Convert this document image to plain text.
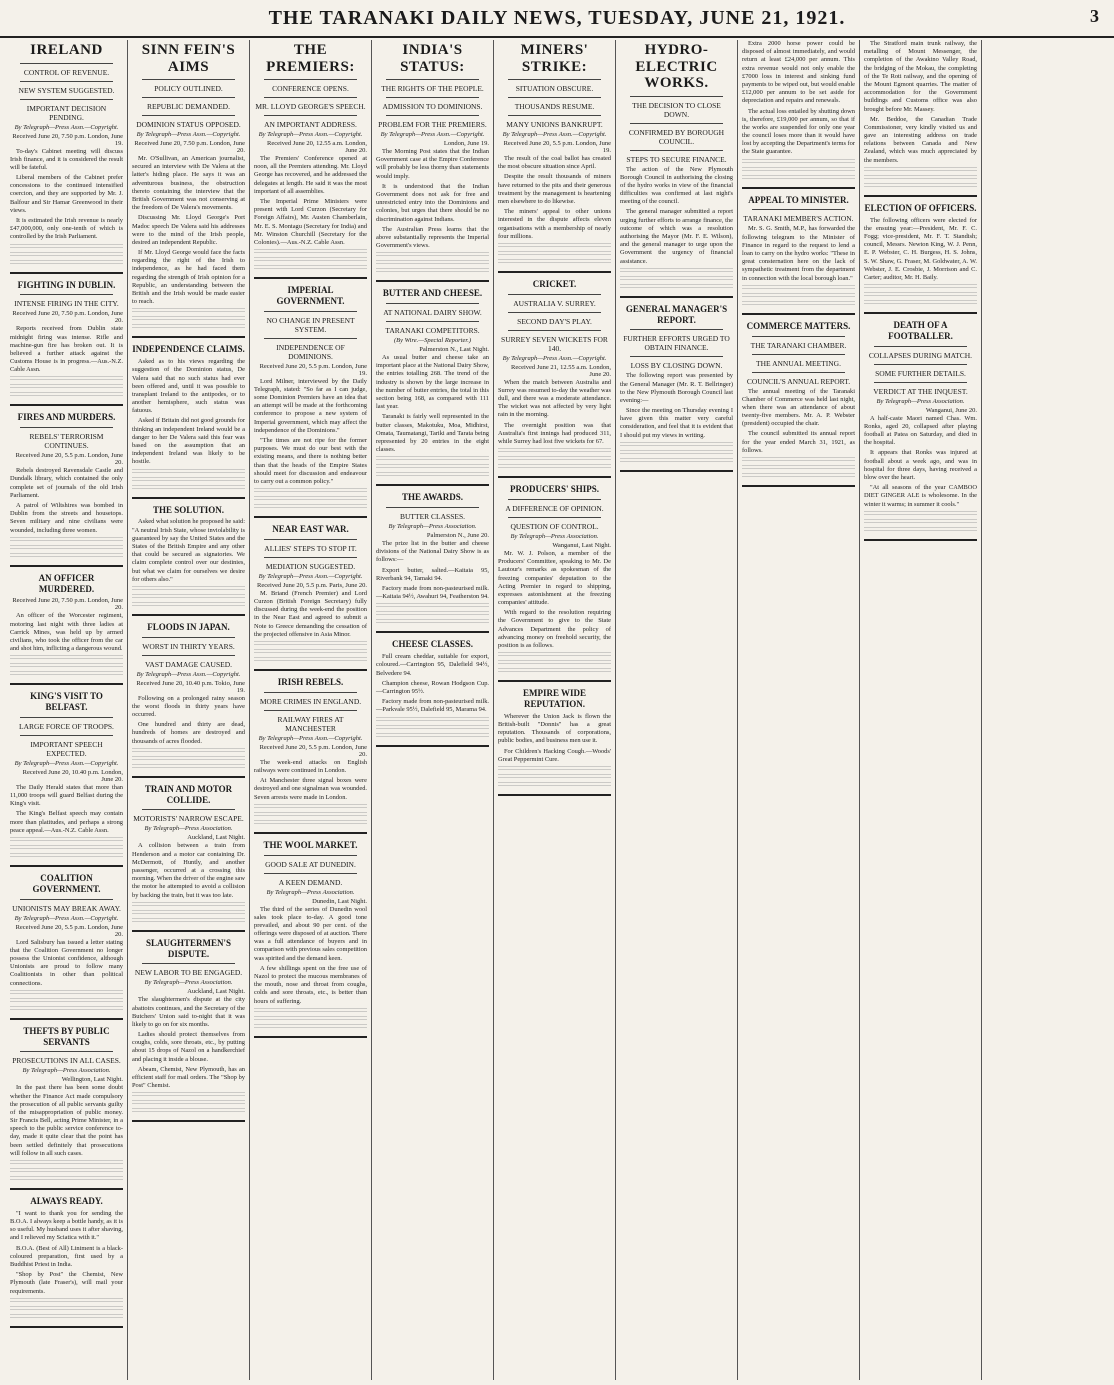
THE TARANAKI DAILY NEWS, TUESDAY, JUNE 21, 1921.	3
IRELAND
CONTROL OF REVENUE.
NEW SYSTEM SUGGESTED.
IMPORTANT DECISION PENDING.
By Telegraph—Press Assn.—Copyright.
Received June 20, 7.50 p.m. London, June 19.

To-day's Cabinet meeting will discuss Irish finance, and it is considered the result will be fateful.

Liberal members of the Cabinet prefer concessions to the continued intensified coercion, and they are supported by Mr. J. Balfour and Sir Hamar Greenwood in their views.

It is estimated the Irish revenue is nearly £47,000,000, only one-tenth of which is controlled by the Irish Parliament.

FIGHTING IN DUBLIN.
INTENSE FIRING IN THE CITY.
Received June 20, 7.50 p.m. London, June 20.

Reports received from Dublin state midnight firing was intense. Rifle and machine-gun fire has broken out. It is believed a further attack against the Customs House is in progress.—Aus.-N.Z. Cable Assn.

FIRES AND MURDERS.
REBELS' TERRORISM CONTINUES.
Received June 20, 5.5 p.m. London, June 20.

Rebels destroyed Ravensdale Castle and Dundalk library, which contained the only complete set of journals of the old Irish Parliament.

A patrol of Wiltshires was bombed in Dublin from the streets and housetops. Seven military and nine civilians were wounded, including three women.

AN OFFICER MURDERED.
Received June 20, 7.50 p.m. London, June 20.

An officer of the Worcester regiment, motoring last night with three ladies at Carrick Mines, was held up by armed civilians, who took the officer from the car and shot him, inflicting a dangerous wound.

KING'S VISIT TO BELFAST.
LARGE FORCE OF TROOPS.
IMPORTANT SPEECH EXPECTED.
By Telegraph—Press Assn.—Copyright.
Received June 20, 10.40 p.m. London, June 20.

The Daily Herald states that more than 11,000 troops will guard Belfast during the King's visit.

The King's Belfast speech may contain more than platitudes, and perhaps a strong peace appeal.—Aus.-N.Z. Cable Assn.

COALITION GOVERNMENT.
UNIONISTS MAY BREAK AWAY.
By Telegraph—Press Assn.—Copyright.
Received June 20, 5.5 p.m. London, June 20.

Lord Salisbury has issued a letter stating that the Coalition Government no longer possess the Unionist confidence, although Unionists are proud to follow many Coalitionists in other than political connections.

THEFTS BY PUBLIC SERVANTS
PROSECUTIONS IN ALL CASES.
By Telegraph—Press Association.
Wellington, Last Night.

In the past there has been some doubt whether the Finance Act made compulsory the prosecution of all public servants guilty of the misappropriation of public money. Sir Francis Bell, acting Prime Minister, in a speech to the public service conference to-day, made it quite clear that the point has been settled definitely that prosecutions will follow in all such cases.

ALWAYS READY.

"I want to thank you for sending the B.O.A. I always keep a bottle handy, as it is so useful. My husband uses it after shaving, and I relieved my Sciatica with it."

B.O.A. (Best of All) Liniment is a black-coloured preparation, first used by a Buddhist Priest in India.

"Shop by Post" the Chemist, New Plymouth (late Fraser's), will mail your requirements.

SINN FEIN'S AIMS
POLICY OUTLINED.
REPUBLIC DEMANDED.
DOMINION STATUS OPPOSED.
By Telegraph—Press Assn.—Copyright.
Received June 20, 7.50 p.m. London, June 20.

Mr. O'Sullivan, an American journalist, secured an interview with De Valera at the latter's hiding place. He says it was an adventurous business, the obstruction thereto containing the interview that the British Government was not conserving at the freedom of De Valera's movements.

Discussing Mr. Lloyd George's Port Madoc speech De Valera said his addresses were to the mind of the Irish people, desired an independent Republic.

If Mr. Lloyd George would face the facts regarding the right of the Irish to independence, as he had faced them regarding the strength of Irish opinion for a Republic, an understanding between the British and the Irish would be made easier to reach.

INDEPENDENCE CLAIMS.

Asked as to his views regarding the suggestion of the Dominion status, De Valera said that no such status had ever been offered and, until it was possible to transplant Ireland to the antipodes, or to another hemisphere, such status was fatuous.

Asked if Britain did not good grounds for thinking an independent Ireland would be a danger to her De Valera said this fear was based on the assumption that an independent Ireland was likely to be hostile.

THE SOLUTION.

Asked what solution he proposed he said: "A neutral Irish State, whose inviolability is guaranteed by say the United States and the States of the British Empire and any other that could be secured as signatories. We claim complete control over our destinies, but what we claim for ourselves we desire for others also."

FLOODS IN JAPAN.
WORST IN THIRTY YEARS.
VAST DAMAGE CAUSED.
By Telegraph—Press Assn.—Copyright.
Received June 20, 10.40 p.m. Tokio, June 19.

Following on a prolonged rainy season the worst floods in thirty years have occurred.

One hundred and thirty are dead, hundreds of homes are destroyed and thousands of acres flooded.

TRAIN AND MOTOR COLLIDE.
MOTORISTS' NARROW ESCAPE.
By Telegraph—Press Association.
Auckland, Last Night.

A collision between a train from Henderson and a motor car containing Dr. McDermott, of Huntly, and another passenger, occurred at a crossing this morning. When the driver of the engine saw the motor he attempted to avoid a collision by backing the train, but it was too late.

SLAUGHTERMEN'S DISPUTE.
NEW LABOR TO BE ENGAGED.
By Telegraph—Press Association.
Auckland, Last Night.

The slaughtermen's dispute at the city abattoirs continues, and the Secretary of the Butchers' Union said to-night that it was likely to go on for six months.

Ladies should protect themselves from coughs, colds, sore throats, etc., by putting about 15 drops of Nazol on a handkerchief and placing it inside a blouse.

Abeam, Chemist, New Plymouth, has an efficient staff for mail orders. The "Shop by Post" Chemist.

THE PREMIERS:
CONFERENCE OPENS.
MR. LLOYD GEORGE'S SPEECH.
AN IMPORTANT ADDRESS.
By Telegraph—Press Assn.—Copyright.
Received June 20, 12.55 a.m. London, June 20.

The Premiers' Conference opened at noon, all the Premiers attending. Mr. Lloyd George has recovered, and he addressed the delegates at length. He said it was the most important of all assemblies.

The Imperial Prime Ministers were present with Lord Curzon (Secretary for Foreign Affairs), Mr. Austen Chamberlain, Mr. E. S. Montagu (Secretary for India) and Mr. Winston Churchill (Secretary for the Colonies).—Aus.-N.Z. Cable Assn.

IMPERIAL GOVERNMENT.
NO CHANGE IN PRESENT SYSTEM.
INDEPENDENCE OF DOMINIONS.
Received June 20, 5.5 p.m. London, June 19.

Lord Milner, interviewed by the Daily Telegraph, stated: "So far as I can judge, some Dominion Premiers have an idea that an attempt will be made at the forthcoming conference to propose a new system of Imperial government, which may affect the independence of the Dominions."

"The times are not ripe for the former purposes. We must do our best with the existing means, and there is nothing better than that the heads of the Empire States should meet for discussion and endeavour to carry out a common policy."

NEAR EAST WAR.
ALLIES' STEPS TO STOP IT.
MEDIATION SUGGESTED.
By Telegraph—Press Assn.—Copyright.
Received June 20, 5.5 p.m. Paris, June 20.

M. Briand (French Premier) and Lord Curzon (British Foreign Secretary) fully discussed during the week-end the position in the Near East and agreed to submit a Note to Greece demanding the cessation of the projected offensive in Asia Minor.

IRISH REBELS.
MORE CRIMES IN ENGLAND.
RAILWAY FIRES AT MANCHESTER
By Telegraph—Press Assn.—Copyright.
Received June 20, 5.5 p.m. London, June 20.

The week-end attacks on English railways were continued in London.

At Manchester three signal boxes were destroyed and one signalman was wounded. Seven arrests were made in London.

THE WOOL MARKET.
GOOD SALE AT DUNEDIN.
A KEEN DEMAND.
By Telegraph—Press Association.
Dunedin, Last Night.

The third of the series of Dunedin wool sales took place to-day. A good tone prevailed, and about 90 per cent. of the offerings were disposed of at auction. There was a full attendance of buyers and in comparison with previous sales competition was spirited and the demand keen.

A few shillings spent on the free use of Nazol to protect the mucous membranes of the mouth, nose and throat from coughs, colds and sore throats, etc., is better than hours of suffering.

INDIA'S STATUS:
THE RIGHTS OF THE PEOPLE.
ADMISSION TO DOMINIONS.
PROBLEM FOR THE PREMIERS.
By Telegraph—Press Assn.—Copyright.
London, June 19.

The Morning Post states that the Indian Government case at the Empire Conference will probably be less thorny than statements would imply.

It is understood that the Indian Government does not ask for free and unrestricted entry into the Dominions and colonies, but urges that there should be no discrimination against Indians.

The Australian Press learns that the above substantially represents the Imperial Government's views.

BUTTER AND CHEESE.
AT NATIONAL DAIRY SHOW.
TARANAKI COMPETITORS.
(By Wire.—Special Reporter.)
Palmerston N., Last Night.

As usual butter and cheese take an important place at the National Dairy Show, the entries totalling 268. The trend of the industry is shown by the large increase in the number of butter entries, the total in this section being 168, as compared with 111 last year.

Taranaki is fairly well represented in the butter classes, Makotuku, Moa, Midhirst, Omata, Taumatangi, Tariki and Tarata being represented by 20 entries in the eight classes.

THE AWARDS.
BUTTER CLASSES.
By Telegraph—Press Association.
Palmerston N., June 20.

The prize list in the butter and cheese divisions of the National Dairy Show is as follows:—

Export butter, salted.—Kaitaia 95, Riverbank 94, Tamaki 94.

Factory made from non-pasteurised milk.—Kaitaia 94½, Awahuri 94, Featherston 94.

CHEESE CLASSES.

Full cream cheddar, suitable for export, coloured.—Carrington 95, Dalefield 94½, Belvedere 94.

Champion cheese, Rowan Hodgson Cup.—Carrington 95½.

Factory made from non-pasteurised milk.—Parkvale 95½, Dalefield 95, Marama 94.

MINERS' STRIKE:
SITUATION OBSCURE.
THOUSANDS RESUME.
MANY UNIONS BANKRUPT.
By Telegraph—Press Assn.—Copyright.
Received June 20, 5.5 p.m. London, June 19.

The result of the coal ballot has created the most obscure situation since April.

Despite the result thousands of miners have returned to the pits and their generous treatment by the management is heartening men elsewhere to do likewise.

The miners' appeal to other unions interested in the dispute affects eleven organisations with a membership of nearly four millions.

CRICKET.
AUSTRALIA V. SURREY.
SECOND DAY'S PLAY.
SURREY SEVEN WICKETS FOR 140.
By Telegraph—Press Assn.—Copyright.
Received June 21, 12.55 a.m. London, June 20.

When the match between Australia and Surrey was resumed to-day the weather was dull, and there was a moderate attendance. The wicket was not affected by very light rain in the morning.

The overnight position was that Australia's first innings had produced 311, while Surrey had lost five wickets for 67.

PRODUCERS' SHIPS.
A DIFFERENCE OF OPINION.
QUESTION OF CONTROL.
By Telegraph—Press Association.
Wanganui, Last Night.

Mr. W. J. Polson, a member of the Producers' Committee, speaking to Mr. De Lautour's remarks as spokesman of the freezing companies' deputation to the Acting Premier in regard to shipping, expresses astonishment at the freezing companies' attitude.

With regard to the resolution requiring the Government to give to the State Advances Department the policy of advancing money on freehold security, the position is as follows.

EMPIRE WIDE REPUTATION.

Wherever the Union Jack is flown the British-built "Donnis" has a great reputation. Thousands of corporations, public bodies, and business men use it.

For Children's Hacking Cough.—Woods' Great Peppermint Cure.

HYDRO-ELECTRIC WORKS.
THE DECISION TO CLOSE DOWN.
CONFIRMED BY BOROUGH COUNCIL.
STEPS TO SECURE FINANCE.

The action of the New Plymouth Borough Council in authorising the closing of the hydro works in view of the financial difficulties was confirmed at last night's meeting of the council.

The general manager submitted a report urging further efforts to arrange finance, the outcome of which was a resolution authorising the Mayor (Mr. F. E. Wilson), and the general manager to urge upon the Government the urgency of financial assistance.

GENERAL MANAGER'S REPORT.
FURTHER EFFORTS URGED TO OBTAIN FINANCE.
LOSS BY CLOSING DOWN.

The following report was presented by the General Manager (Mr. R. T. Bellringer) to the New Plymouth Borough Council last evening:—

Since the meeting on Thursday evening I have given this matter very careful consideration, and feel that it is evident that I should put my views in writing.

Extra 2000 horse power could be disposed of almost immediately, and would return at least £24,000 per annum. This extra revenue would not only enable the £7000 loss in interest and sinking fund payments to be wiped out, but would enable £12,000 per annum to be set aside for depreciation and repairs and renewals.

The actual loss entailed by shutting down is, therefore, £19,000 per annum, so that if the works are suspended for only one year the council loses more than it would have lost by accepting the Department's terms for the State guarantee.

APPEAL TO MINISTER.
TARANAKI MEMBER'S ACTION.

Mr. S. G. Smith, M.P., has forwarded the following telegram to the Minister of Finance in regard to the request to lend a loan to carry on the hydro works: "These in great consternation here on the lack of sympathetic treatment from the department in connection with the local borough loan."

COMMERCE MATTERS.
THE TARANAKI CHAMBER.
THE ANNUAL MEETING.
COUNCIL'S ANNUAL REPORT.

The annual meeting of the Taranaki Chamber of Commerce was held last night, when there was an attendance of about twenty-five members. Mr. A. P. Webster (president) occupied the chair.

The council submitted its annual report for the year ended March 31, 1921, as follows.

The Stratford main trunk railway, the metalling of Mount Messenger, the completion of the Awakino Valley Road, the bridging of the Mokau, the completing of the Te Roti railway, and the opening of the Mount Egmont quarries. The matter of accommodation for the Government buildings and Customs office was also brought before Mr. Massey.

Mr. Beddoe, the Canadian Trade Commissioner, very kindly visited us and gave an interesting address on trade relations between Canada and New Zealand, which was much appreciated by the members.

ELECTION OF OFFICERS.

The following officers were elected for the ensuing year:—President, Mr. F. C. Fogg; vice-president, Mr. F. T. Standish; council, Messrs. Newton King, W. J. Penn, E. P. Webster, C. H. Burgess, H. S. Johns, S. W. Shaw, G. Fraser, M. Goldwater, A. W. Webster, J. E. Crosbie, J. Morrison and C. Carter; auditor, Mr. H. Baily.

DEATH OF A FOOTBALLER.
COLLAPSES DURING MATCH.
SOME FURTHER DETAILS.
VERDICT AT THE INQUEST.
By Telegraph—Press Association.
Wanganui, June 20.

A half-caste Maori named Chas. Wm. Ronks, aged 20, collapsed after playing football at Patea on Saturday, and died in the hospital.

It appears that Ronks was injured at football about a week ago, and was in hospital for three days, having received a blow over the heart.

"At all seasons of the year CAMBOO DIET GINGER ALE is wholesome. In the winter it warms; in summer it cools."
